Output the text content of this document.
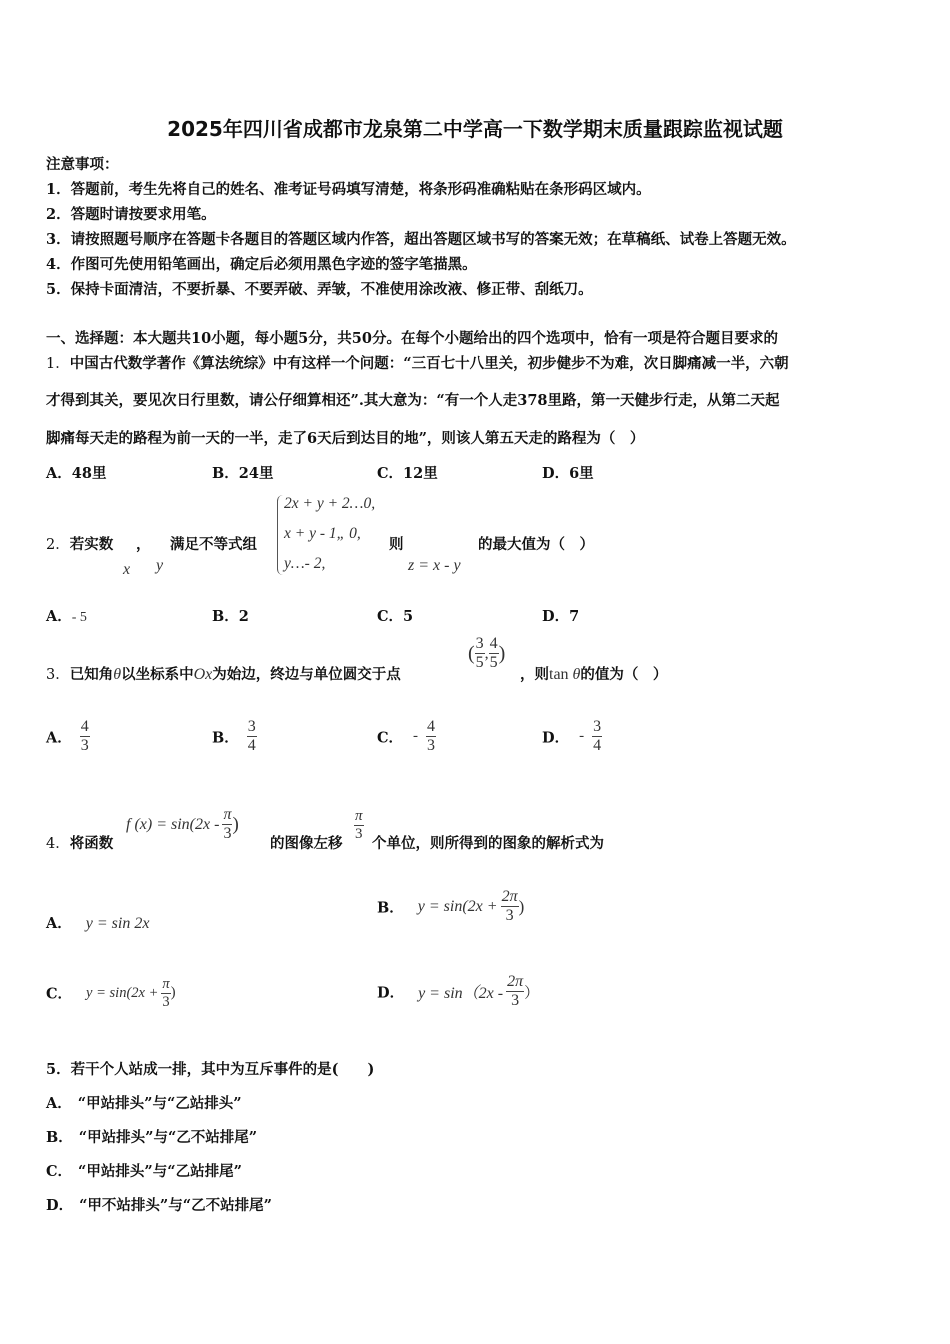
2025年四川省成都市龙泉第二中学高一下数学期末质量跟踪监视试题
注意事项：
1．答题前，考生先将自己的姓名、准考证号码填写清楚，将条形码准确粘贴在条形码区域内。
2．答题时请按要求用笔。
3．请按照题号顺序在答题卡各题目的答题区域内作答，超出答题区域书写的答案无效；在草稿纸、试卷上答题无效。
4．作图可先使用铅笔画出，确定后必须用黑色字迹的签字笔描黑。
5．保持卡面清洁，不要折暴、不要弄破、弄皱，不准使用涂改液、修正带、刮纸刀。
一、选择题：本大题共10小题，每小题5分，共50分。在每个小题给出的四个选项中，恰有一项是符合题目要求的
1．中国古代数学著作《算法统综》中有这样一个问题：“三百七十八里关，初步健步不为难，次日脚痛减一半，六朝
才得到其关，要见次日行里数，请公仔细算相还”.其大意为：“有一个人走378里路，第一天健步行走，从第二天起
脚痛每天走的路程为前一天的一半，走了6天后到达目的地”，则该人第五天走的路程为（　）
A．48里	B．24里	C．12里	D．6里
2．若实数 ， 满足不等式组
x y
2x + y + 2…0,
x + y - 1„ 0,
y…- 2,
则
z = x - y
的最大值为（　）
A．- 5	B．2	C．5	D．7
3．已知角θ以坐标系中Ox为始边，终边与单位圆交于点
( $\frac{3}{5}$ , $\frac{4}{5}$ )
，则tan θ的值为（　）
A． $\frac{4}{3}$	B． $\frac{3}{4}$	C． - $\frac{4}{3}$	D． - $\frac{3}{4}$
4．将函数
f $(x) = \sin(2x - \frac{\pi}{3}$ )
的图像左移 $\frac{\pi}{3}$ 个单位，则所得到的图象的解析式为
A． y = sin 2x
B． $y = \sin(2x + \frac{2\pi}{3}$ )
C． $y = \sin(2x + \frac{\pi}{3}$ )	D． $y = \sin(2x - \frac{2\pi}{3}$ ）
5．若干个人站成一排，其中为互斥事件的是(　　)
A． “甲站排头”与“乙站排头”
B． “甲站排头”与“乙不站排尾”
C． “甲站排头”与“乙站排尾”
D． “甲不站排头”与“乙不站排尾”
